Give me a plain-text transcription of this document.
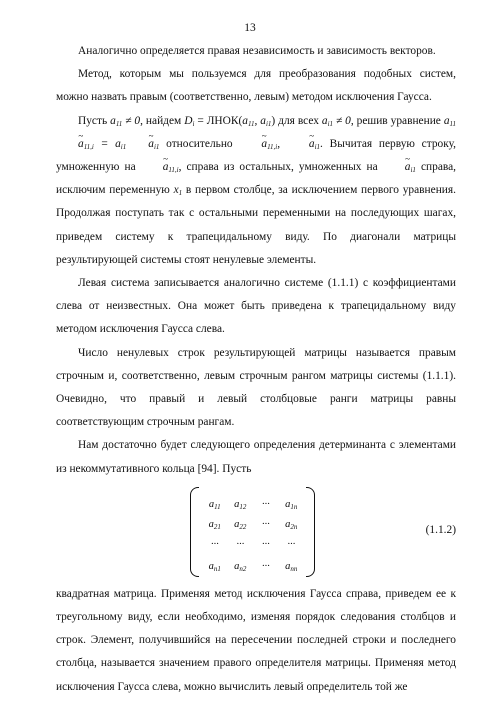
13

Аналогично определяется правая независимость и зависимость векторов.

Метод, которым мы пользуемся для преобразования подобных систем, можно назвать правым (соответственно, левым) методом исключения Гаусса.

Пусть $a_{11} \ne 0$, найдем $D_i$ = $ЛНОК(a_{11}$, $a_{i1}$) для всех $a_{i1} \ne 0$, решив уравнение $a_{11}\sim$ $a_{11,i}$ = $a_{i1}\sim$ $a_{i1}$ относительно ~	$a_{11,i}$, ~ $a_{i1}$. Вычитая первую строку, умноженную на ~ $a_{11,i}$, справа из остальных, умноженных на ~ $a_{i1}$ справа, исключим переменную $x_1$ в первом столбце, за исключением первого уравнения. Продолжая поступать так с остальными переменными на последующих шагах, приведем систему к трапецидальному виду. По диагонали матрицы результирующей системы стоят ненулевые элементы.

Левая система записывается аналогично системе (1.1.1) с коэффициентами слева от неизвестных. Она может быть приведена к трапецидальному виду методом исключения Гаусса слева.

Число ненулевых строк результирующей матрицы называется правым строчным и, соответственно, левым строчным рангом матрицы системы (1.1.1). Очевидно, что правый и левый столбцовые ранги матрицы равны соответствующим строчным рангам.

Нам достаточно будет следующего определения детерминанта с элементами из некоммутативного кольца [94]. Пусть

$a_{11}$	$a_{12}$	···	$a_{1n}$
$a_{21}$	$a_{22}$	···	$a_{2n}$
···	···	···	···
$a_{n1}$	$a_{n2}$	···	$a_{nn}$
(1.1.2)

квадратная матрица. Применяя метод исключения Гаусса справа, приведем ее к треугольному виду, если необходимо, изменяя порядок следования столбцов и строк. Элемент, получившийся на пересечении последней строки и последнего столбца, называется значением правого определителя матрицы. Применяя метод исключения Гаусса слева, можно вычислить левый определитель той же
